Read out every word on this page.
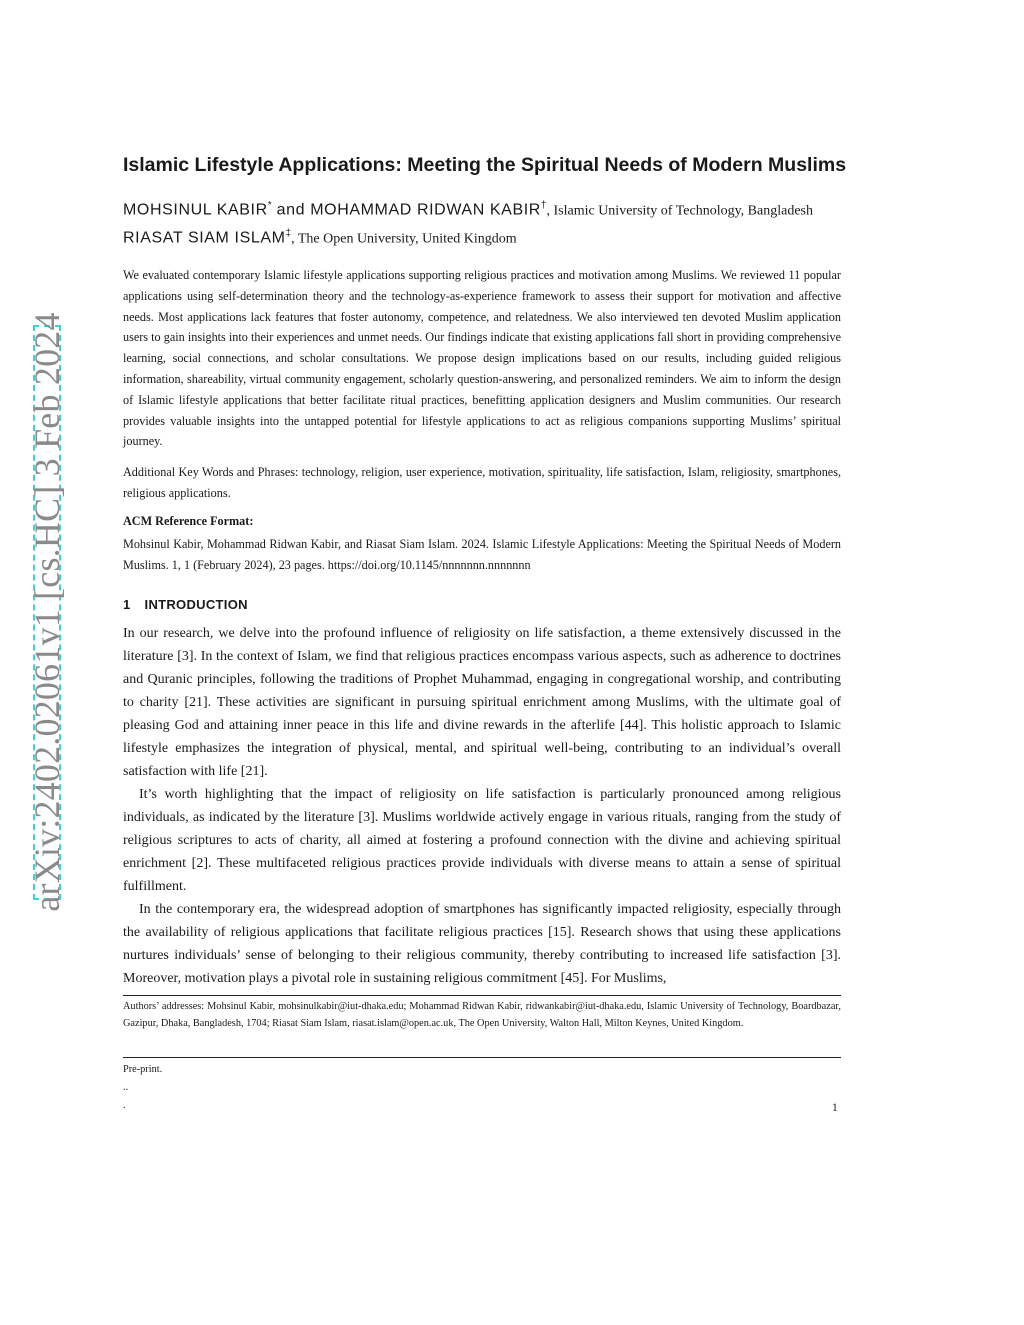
arXiv:2402.02061v1 [cs.HC] 3 Feb 2024
Islamic Lifestyle Applications: Meeting the Spiritual Needs of Modern Muslims
MOHSINUL KABIR* and MOHAMMAD RIDWAN KABIR†, Islamic University of Technology, Bangladesh
RIASAT SIAM ISLAM‡, The Open University, United Kingdom
We evaluated contemporary Islamic lifestyle applications supporting religious practices and motivation among Muslims. We reviewed 11 popular applications using self-determination theory and the technology-as-experience framework to assess their support for motivation and affective needs. Most applications lack features that foster autonomy, competence, and relatedness. We also interviewed ten devoted Muslim application users to gain insights into their experiences and unmet needs. Our findings indicate that existing applications fall short in providing comprehensive learning, social connections, and scholar consultations. We propose design implications based on our results, including guided religious information, shareability, virtual community engagement, scholarly question-answering, and personalized reminders. We aim to inform the design of Islamic lifestyle applications that better facilitate ritual practices, benefitting application designers and Muslim communities. Our research provides valuable insights into the untapped potential for lifestyle applications to act as religious companions supporting Muslims’ spiritual journey.
Additional Key Words and Phrases: technology, religion, user experience, motivation, spirituality, life satisfaction, Islam, religiosity, smartphones, religious applications.
ACM Reference Format:
Mohsinul Kabir, Mohammad Ridwan Kabir, and Riasat Siam Islam. 2024. Islamic Lifestyle Applications: Meeting the Spiritual Needs of Modern Muslims. 1, 1 (February 2024), 23 pages. https://doi.org/10.1145/nnnnnnn.nnnnnnn
1 INTRODUCTION

In our research, we delve into the profound influence of religiosity on life satisfaction, a theme extensively discussed in the literature [3]. In the context of Islam, we find that religious practices encompass various aspects, such as adherence to doctrines and Quranic principles, following the traditions of Prophet Muhammad, engaging in congregational worship, and contributing to charity [21]. These activities are significant in pursuing spiritual enrichment among Muslims, with the ultimate goal of pleasing God and attaining inner peace in this life and divine rewards in the afterlife [44]. This holistic approach to Islamic lifestyle emphasizes the integration of physical, mental, and spiritual well-being, contributing to an individual’s overall satisfaction with life [21].

It’s worth highlighting that the impact of religiosity on life satisfaction is particularly pronounced among religious individuals, as indicated by the literature [3]. Muslims worldwide actively engage in various rituals, ranging from the study of religious scriptures to acts of charity, all aimed at fostering a profound connection with the divine and achieving spiritual enrichment [2]. These multifaceted religious practices provide individuals with diverse means to attain a sense of spiritual fulfillment.

In the contemporary era, the widespread adoption of smartphones has significantly impacted religiosity, especially through the availability of religious applications that facilitate religious practices [15]. Research shows that using these applications nurtures individuals’ sense of belonging to their religious community, thereby contributing to increased life satisfaction [3]. Moreover, motivation plays a pivotal role in sustaining religious commitment [45]. For Muslims,

Authors’ addresses: Mohsinul Kabir, mohsinulkabir@iut-dhaka.edu; Mohammad Ridwan Kabir, ridwankabir@iut-dhaka.edu, Islamic University of Technology, Boardbazar, Gazipur, Dhaka, Bangladesh, 1704; Riasat Siam Islam, riasat.islam@open.ac.uk, The Open University, Walton Hall, Milton Keynes, United Kingdom.
Pre-print.
..
.	1
